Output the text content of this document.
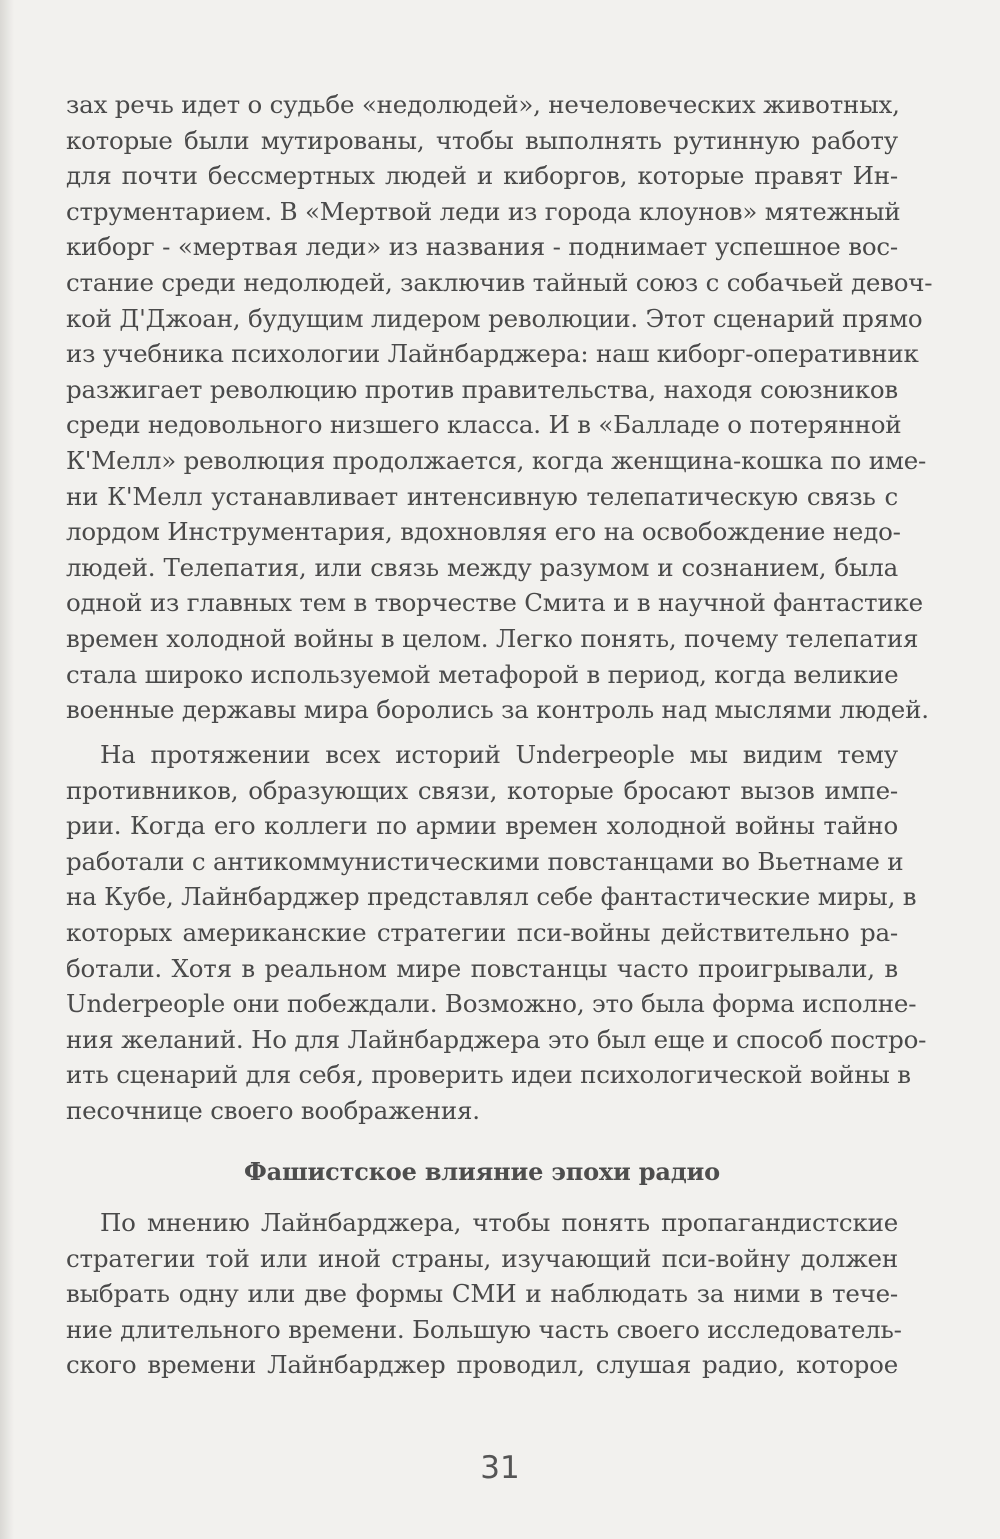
зах речь идет о судьбе «недолюдей», нечеловеческих животных,
которые были мутированы, чтобы выполнять рутинную работу
для почти бессмертных людей и киборгов, которые правят Ин-
струментарием. В «Мертвой леди из города клоунов» мятежный
киборг - «мертвая леди» из названия - поднимает успешное вос-
стание среди недолюдей, заключив тайный союз с собачьей девоч-
кой Д'Джоан, будущим лидером революции. Этот сценарий прямо
из учебника психологии Лайнбарджера: наш киборг-оперативник
разжигает революцию против правительства, находя союзников
среди недовольного низшего класса. И в «Балладе о потерянной
К'Мелл» революция продолжается, когда женщина-кошка по име-
ни К'Мелл устанавливает интенсивную телепатическую связь с
лордом Инструментария, вдохновляя его на освобождение недо-
людей. Телепатия, или связь между разумом и сознанием, была
одной из главных тем в творчестве Смита и в научной фантастике
времен холодной войны в целом. Легко понять, почему телепатия
стала широко используемой метафорой в период, когда великие
военные державы мира боролись за контроль над мыслями людей.
На протяжении всех историй Underpeople мы видим тему
противников, образующих связи, которые бросают вызов импе-
рии. Когда его коллеги по армии времен холодной войны тайно
работали с антикоммунистическими повстанцами во Вьетнаме и
на Кубе, Лайнбарджер представлял себе фантастические миры, в
которых американские стратегии пси-войны действительно ра-
ботали. Хотя в реальном мире повстанцы часто проигрывали, в
Underpeople они побеждали. Возможно, это была форма исполне-
ния желаний. Но для Лайнбарджера это был еще и способ постро-
ить сценарий для себя, проверить идеи психологической войны в
песочнице своего воображения.
Фашистское влияние эпохи радио
По мнению Лайнбарджера, чтобы понять пропагандистские
стратегии той или иной страны, изучающий пси-войну должен
выбрать одну или две формы СМИ и наблюдать за ними в тече-
ние длительного времени. Большую часть своего исследователь-
ского времени Лайнбарджер проводил, слушая радио, которое
31
